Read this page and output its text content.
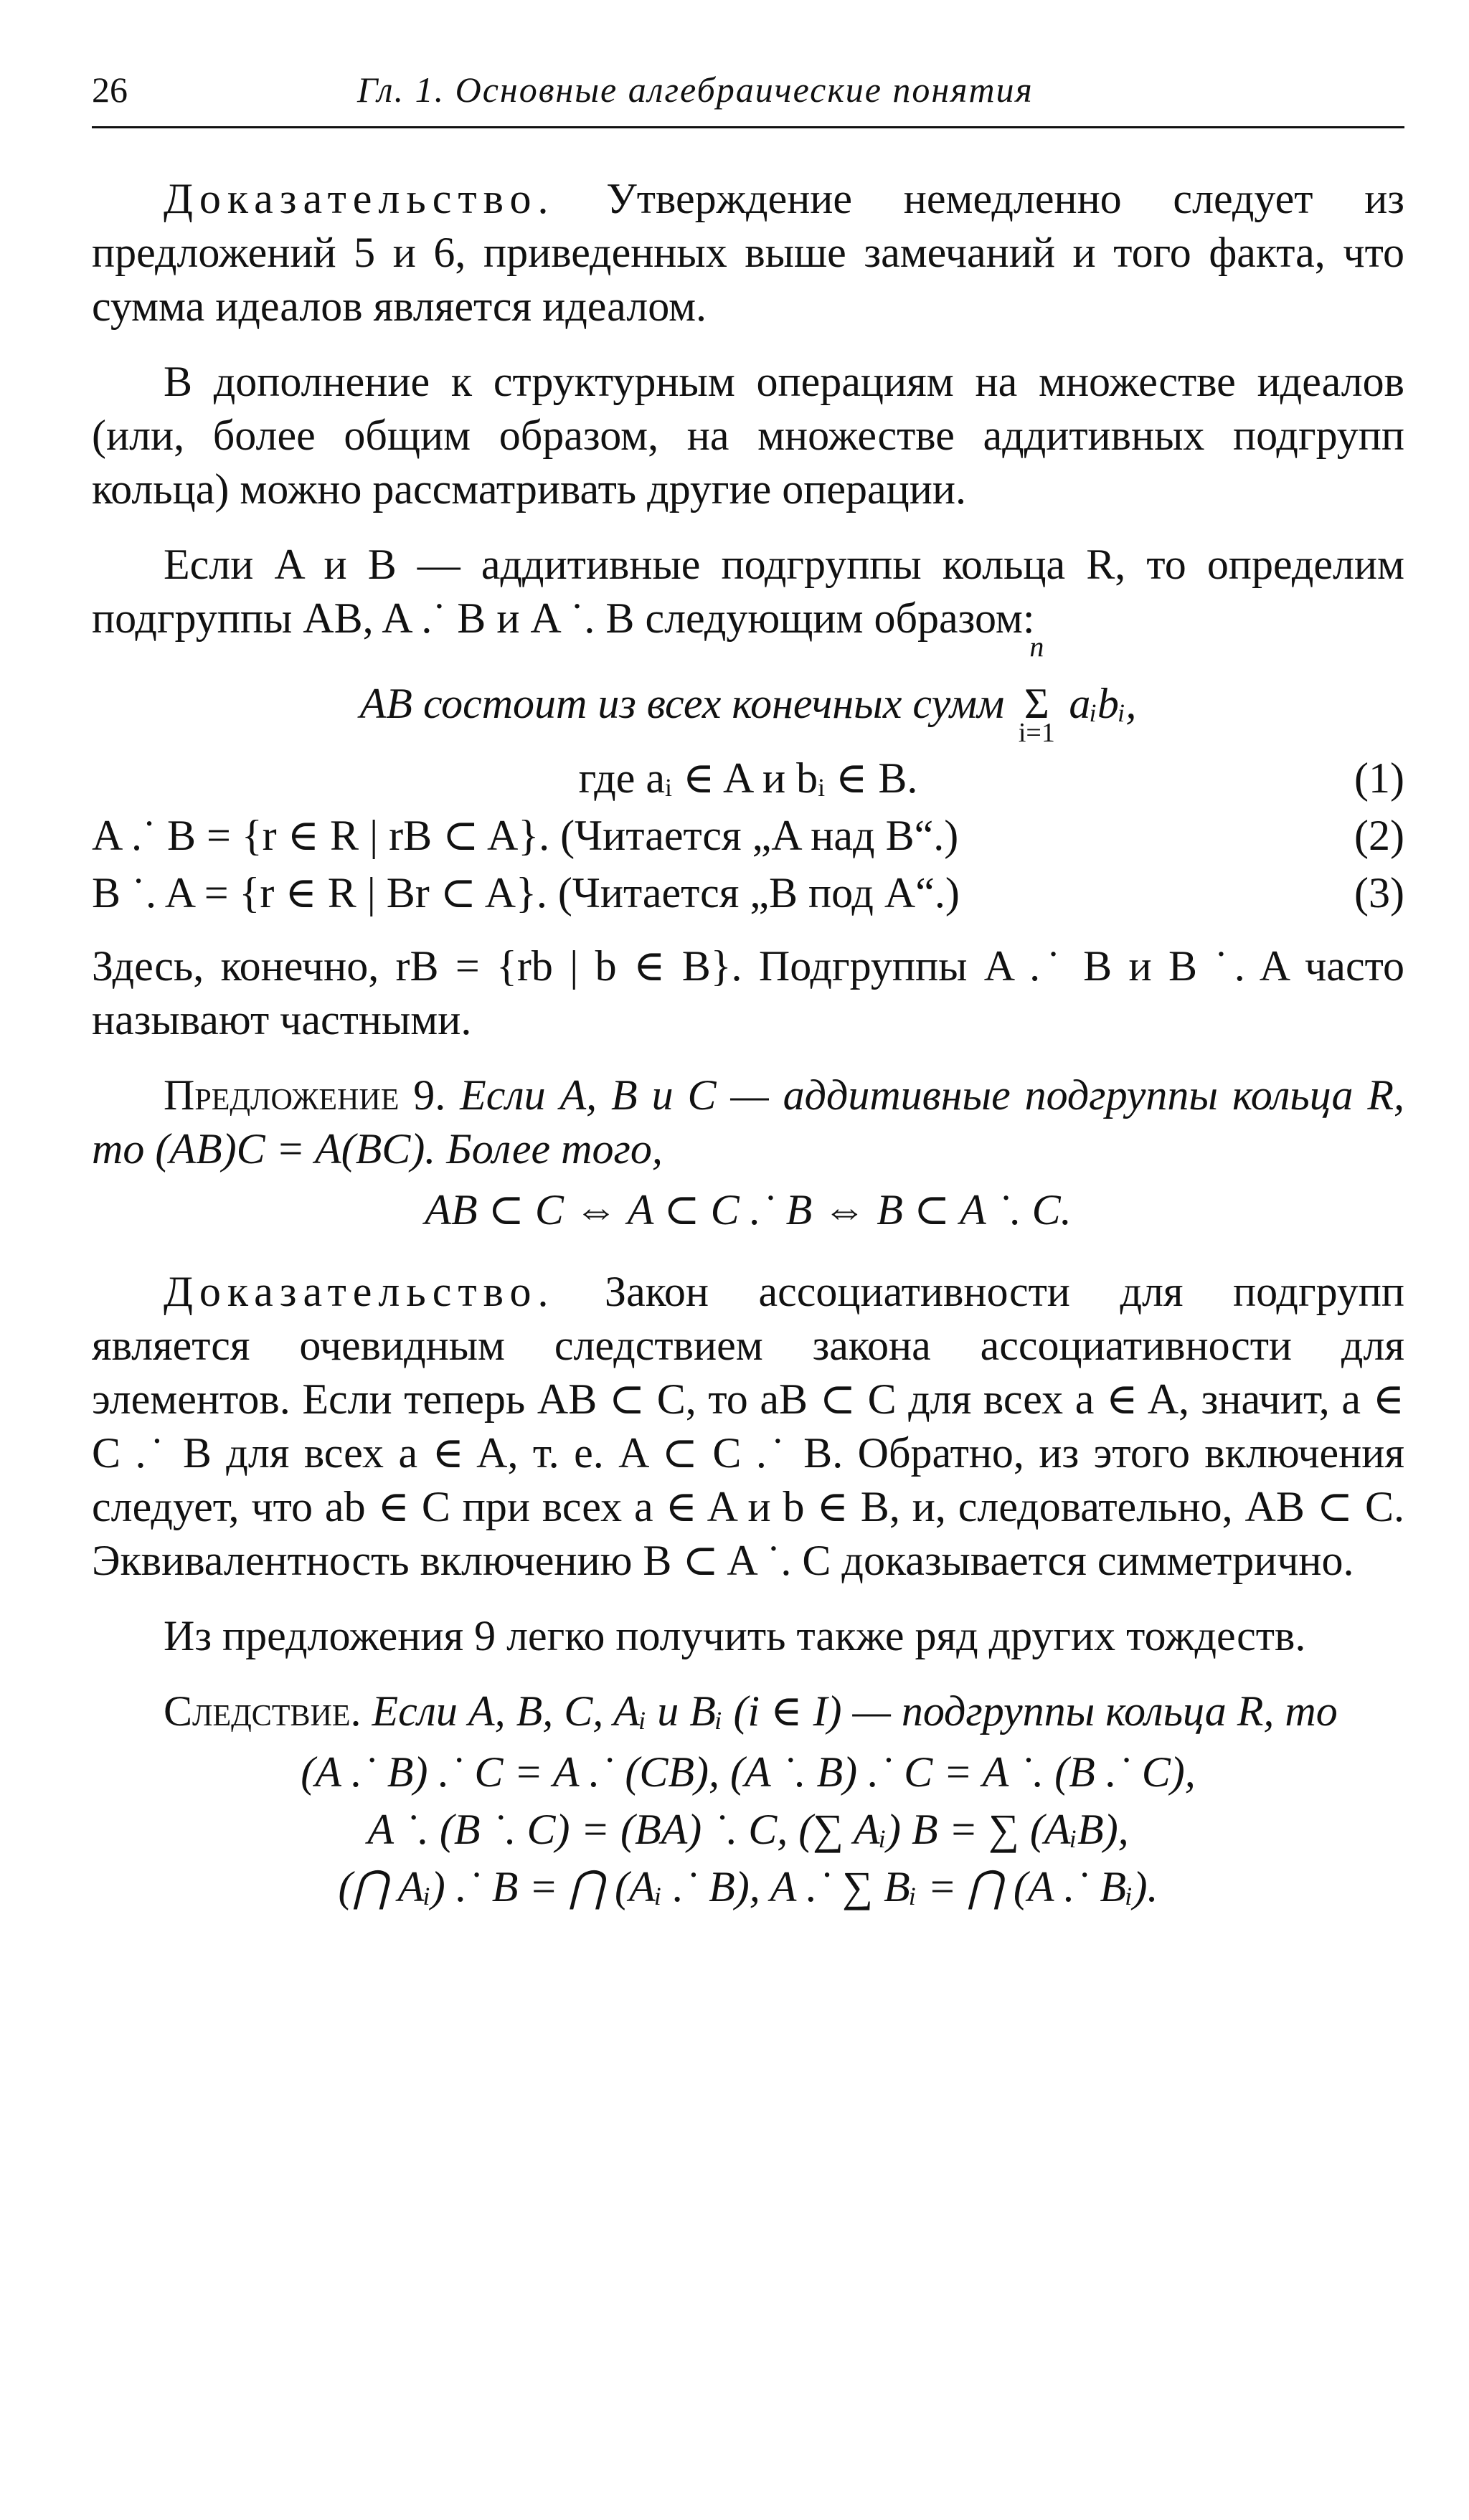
26	Гл. 1. Основные алгебраические понятия

Доказательство. Утверждение немедленно следует из предложений 5 и 6, приведенных выше замечаний и того факта, что сумма идеалов является идеалом.

В дополнение к структурным операциям на множестве идеалов (или, более общим образом, на множестве аддитивных подгрупп кольца) можно рассматривать другие операции.

Если A и B — аддитивные подгруппы кольца R, то определим подгруппы AB, A .˙ B и A ˙. B следующим образом:

AB состоит из всех конечных сумм
n
Σ
i=1
aᵢbᵢ,
где aᵢ ∈ A и bᵢ ∈ B.	(1)
A .˙ B = {r ∈ R | rB ⊂ A}. (Читается „A над B“.)	(2)
B ˙. A = {r ∈ R | Br ⊂ A}. (Читается „B под A“.)	(3)

Здесь, конечно, rB = {rb | b ∈ B}. Подгруппы A .˙ B и B ˙. A часто называют частными.

Предложение 9. Если A, B и C — аддитивные подгруппы кольца R, то (AB)C = A(BC). Более того,

AB ⊂ C ⇔ A ⊂ C .˙ B ⇔ B ⊂ A ˙. C.

Доказательство. Закон ассоциативности для подгрупп является очевидным следствием закона ассоциативности для элементов. Если теперь AB ⊂ C, то aB ⊂ C для всех a ∈ A, значит, a ∈ C .˙ B для всех a ∈ A, т. е. A ⊂ C .˙ B. Обратно, из этого включения следует, что ab ∈ C при всех a ∈ A и b ∈ B, и, следовательно, AB ⊂ C. Эквивалентность включению B ⊂ A ˙. C доказывается симметрично.

Из предложения 9 легко получить также ряд других тождеств.

Следствие. Если A, B, C, Aᵢ и Bᵢ (i ∈ I) — подгруппы кольца R, то

(A .˙ B) .˙ C = A .˙ (CB), (A ˙. B) .˙ C = A ˙. (B .˙ C),
A ˙. (B ˙. C) = (BA) ˙. C, (∑ Aᵢ) B = ∑ (AᵢB),
(⋂ Aᵢ) .˙ B = ⋂ (Aᵢ .˙ B), A .˙ ∑ Bᵢ = ⋂ (A .˙ Bᵢ).
